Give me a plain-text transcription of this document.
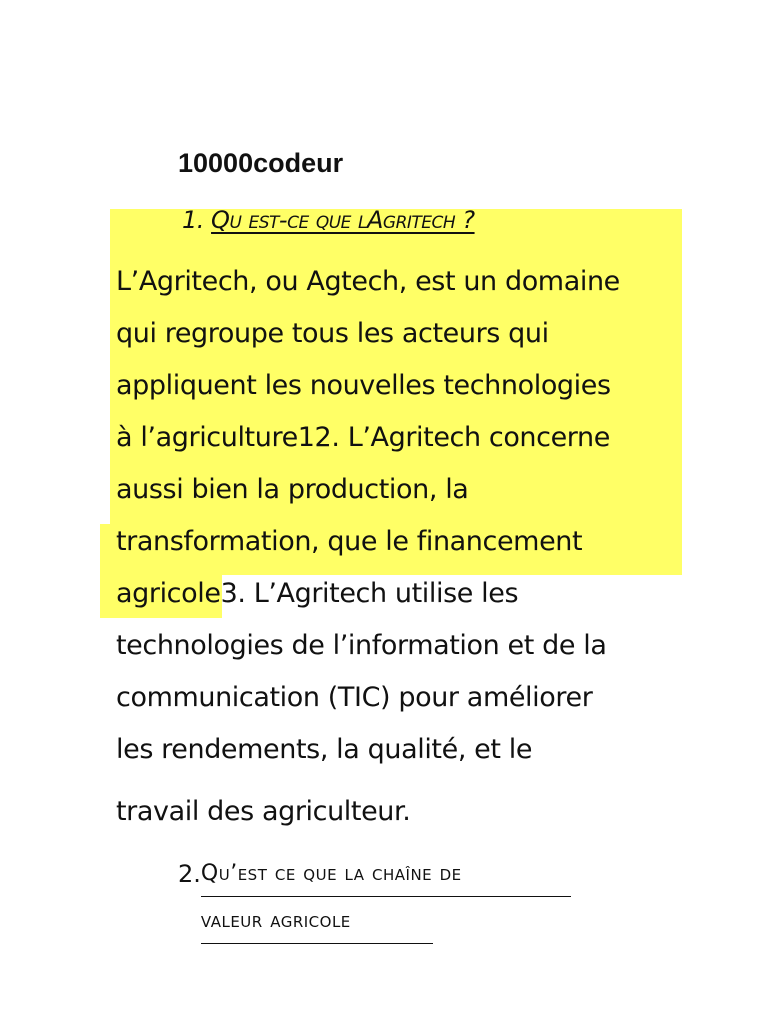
10000codeur
1. Qu est-ce que lAgritech ?

L’Agritech, ou Agtech, est un domaine
qui regroupe tous les acteurs qui
appliquent les nouvelles technologies
à l’agriculture12. L’Agritech concerne
aussi bien la production, la
transformation, que le financement
agricole3. L’Agritech utilise les
technologies de l’information et de la
communication (TIC) pour améliorer
les rendements, la qualité, et le
travail des agriculteur.

2. Qu’est ce que la chaîne de
valeur agricole
